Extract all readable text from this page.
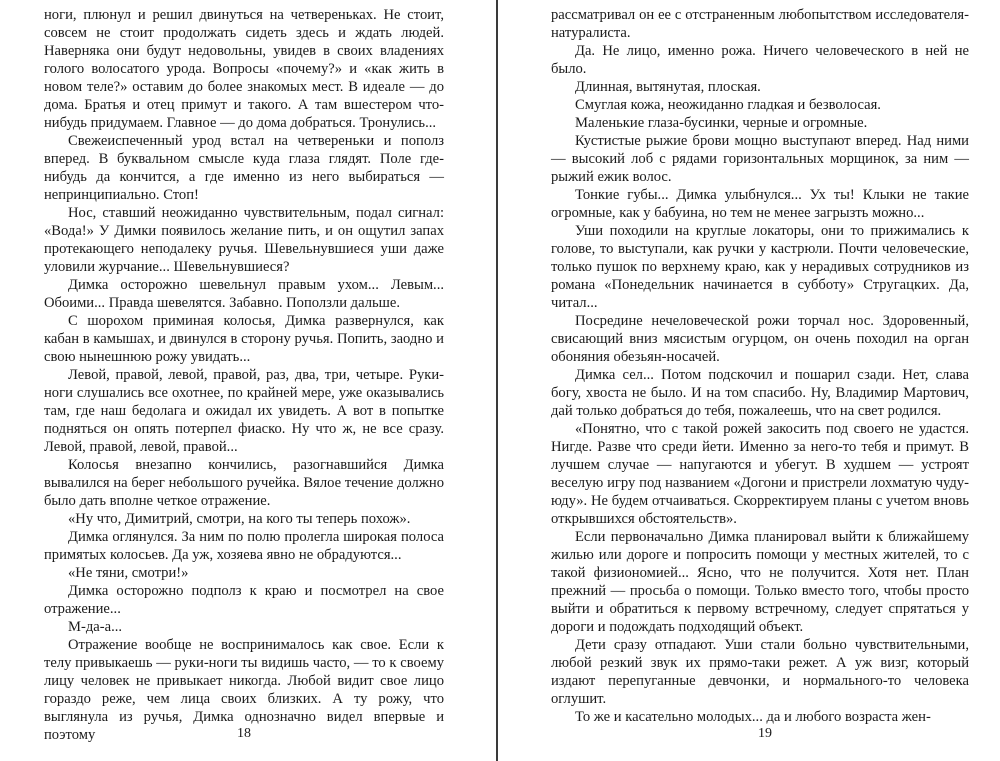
ноги, плюнул и решил двинуться на четвереньках. Не стоит, совсем не стоит продолжать сидеть здесь и ждать людей. Наверняка они будут недовольны, увидев в своих владениях голого волосатого урода. Вопросы «почему?» и «как жить в новом теле?» оставим до более знакомых мест. В идеале — до дома. Братья и отец примут и такого. А там вшестером что-нибудь придумаем. Главное — до дома добраться. Тронулись...

Свежеиспеченный урод встал на четвереньки и пополз вперед. В буквальном смысле куда глаза глядят. Поле где-нибудь да кончится, а где именно из него выбираться — непринципиально. Стоп!

Нос, ставший неожиданно чувствительным, подал сигнал: «Вода!» У Димки появилось желание пить, и он ощутил запах протекающего неподалеку ручья. Шевельнувшиеся уши даже уловили журчание... Шевельнувшиеся?

Димка осторожно шевельнул правым ухом... Левым... Обоими... Правда шевелятся. Забавно. Поползли дальше.

С шорохом приминая колосья, Димка развернулся, как кабан в камышах, и двинулся в сторону ручья. Попить, заодно и свою нынешнюю рожу увидать...

Левой, правой, левой, правой, раз, два, три, четыре. Руки-ноги слушались все охотнее, по крайней мере, уже оказывались там, где наш бедолага и ожидал их увидеть. А вот в попытке подняться он опять потерпел фиаско. Ну что ж, не все сразу. Левой, правой, левой, правой...

Колосья внезапно кончились, разогнавшийся Димка вывалился на берег небольшого ручейка. Вялое течение должно было дать вполне четкое отражение.

«Ну что, Димитрий, смотри, на кого ты теперь похож».

Димка оглянулся. За ним по полю пролегла широкая полоса примятых колосьев. Да уж, хозяева явно не обрадуются...

«Не тяни, смотри!»

Димка осторожно подполз к краю и посмотрел на свое отражение...

М-да-а...

Отражение вообще не воспринималось как свое. Если к телу привыкаешь — руки-ноги ты видишь часто, — то к своему лицу человек не привыкает никогда. Любой видит свое лицо гораздо реже, чем лица своих близких. А ту рожу, что выглянула из ручья, Димка однозначно видел впервые и поэтому	18

рассматривал он ее с отстраненным любопытством исследователя-натуралиста.

Да. Не лицо, именно рожа. Ничего человеческого в ней не было.

Длинная, вытянутая, плоская.

Смуглая кожа, неожиданно гладкая и безволосая.

Маленькие глаза-бусинки, черные и огромные.

Кустистые рыжие брови мощно выступают вперед. Над ними — высокий лоб с рядами горизонтальных морщинок, за ним — рыжий ежик волос.

Тонкие губы... Димка улыбнулся... Ух ты! Клыки не такие огромные, как у бабуина, но тем не менее загрызть можно...

Уши походили на круглые локаторы, они то прижимались к голове, то выступали, как ручки у кастрюли. Почти человеческие, только пушок по верхнему краю, как у нерадивых сотрудников из романа «Понедельник начинается в субботу» Стругацких. Да, читал...

Посредине нечеловеческой рожи торчал нос. Здоровенный, свисающий вниз мясистым огурцом, он очень походил на орган обоняния обезьян-носачей.

Димка сел... Потом подскочил и пошарил сзади. Нет, слава богу, хвоста не было. И на том спасибо. Ну, Владимир Мартович, дай только добраться до тебя, пожалеешь, что на свет родился.

«Понятно, что с такой рожей закосить под своего не удастся. Нигде. Разве что среди йети. Именно за него-то тебя и примут. В лучшем случае — напугаются и убегут. В худшем — устроят веселую игру под названием «Догони и пристрели лохматую чуду-юду». Не будем отчаиваться. Скорректируем планы с учетом вновь открывшихся обстоятельств».

Если первоначально Димка планировал выйти к ближайшему жилью или дороге и попросить помощи у местных жителей, то с такой физиономией... Ясно, что не получится. Хотя нет. План прежний — просьба о помощи. Только вместо того, чтобы просто выйти и обратиться к первому встречному, следует спрятаться у дороги и подождать подходящий объект.

Дети сразу отпадают. Уши стали больно чувствительными, любой резкий звук их прямо-таки режет. А уж визг, который издают перепуганные девчонки, и нормального-то человека оглушит.

То же и касательно молодых... да и любого возраста жен-

19
